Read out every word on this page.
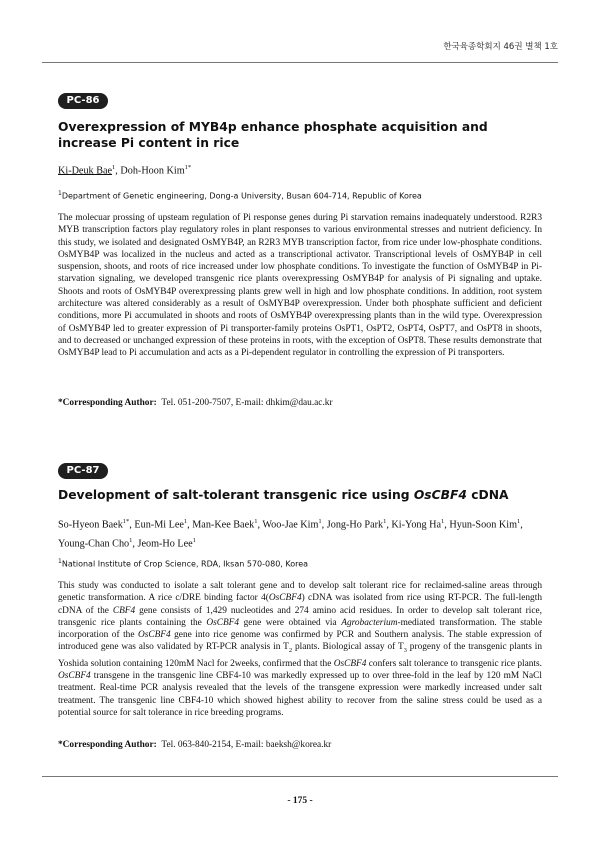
한국육종학회지 46권 별책 1호
PC-86
Overexpression of MYB4p enhance phosphate acquisition and increase Pi content in rice
Ki-Deuk Bae$^1$, Doh-Hoon Kim$^{1*}$
$^1$Department of Genetic engineering, Dong-a University, Busan 604-714, Republic of Korea
The molecuar prossing of upsteam regulation of Pi response genes during Pi starvation remains inadequately understood. R2R3 MYB transcription factors play regulatory roles in plant responses to various environmental stresses and nutrient deficiency. In this study, we isolated and designated OsMYB4P, an R2R3 MYB transcription factor, from rice under low-phosphate conditions. OsMYB4P was localized in the nucleus and acted as a transcriptional activator. Transcriptional levels of OsMYB4P in cell suspension, shoots, and roots of rice increased under low phosphate conditions. To investigate the function of OsMYB4P in Pi-starvation signaling, we developed transgenic rice plants overexpressing OsMYB4P for analysis of Pi signaling and uptake. Shoots and roots of OsMYB4P overexpressing plants grew well in high and low phosphate conditions. In addition, root system architecture was altered considerably as a result of OsMYB4P overexpression. Under both phosphate sufficient and deficient conditions, more Pi accumulated in shoots and roots of OsMYB4P overexpressing plants than in the wild type. Overexpression of OsMYB4P led to greater expression of Pi transporter-family proteins OsPT1, OsPT2, OsPT4, OsPT7, and OsPT8 in shoots, and to decreased or unchanged expression of these proteins in roots, with the exception of OsPT8. These results demonstrate that OsMYB4P lead to Pi accumulation and acts as a Pi-dependent regulator in controlling the expression of Pi transporters.
*Corresponding Author: Tel. 051-200-7507, E-mail: dhkim@dau.ac.kr
PC-87
Development of salt-tolerant transgenic rice using OsCBF4 cDNA
So-Hyeon Baek$^{1*}$, Eun-Mi Lee$^1$, Man-Kee Baek$^1$, Woo-Jae Kim$^1$, Jong-Ho Park$^1$, Ki-Yong Ha$^1$, Hyun-Soon Kim$^1$,
Young-Chan Cho$^1$, Jeom-Ho Lee$^1$
$^1$National Institute of Crop Science, RDA, Iksan 570-080, Korea
This study was conducted to isolate a salt tolerant gene and to develop salt tolerant rice for reclaimed-saline areas through genetic transformation. A rice c/DRE binding factor 4(OsCBF4) cDNA was isolated from rice using RT-PCR. The full-length cDNA of the CBF4 gene consists of 1,429 nucleotides and 274 amino acid residues. In order to develop salt tolerant rice, transgenic rice plants containing the OsCBF4 gene were obtained via Agrobacterium-mediated transformation. The stable incorporation of the OsCBF4 gene into rice genome was confirmed by PCR and Southern analysis. The stable expression of introduced gene was also validated by RT-PCR analysis in $T_2$ plants. Biological assay of $T_3$ progeny of the transgenic plants in Yoshida solution containing 120mM Nacl for 2weeks, confirmed that the OsCBF4 confers salt tolerance to transgenic rice plants. OsCBF4 transgene in the transgenic line CBF4-10 was markedly expressed up to over three-fold in the leaf by 120 mM NaCl treatment. Real-time PCR analysis revealed that the levels of the transgene expression were markedly increased under salt treatment. The transgenic line CBF4-10 which showed highest ability to recover from the saline stress could be used as a potential source for salt tolerance in rice breeding programs.
*Corresponding Author: Tel. 063-840-2154, E-mail: baeksh@korea.kr
- 175 -
